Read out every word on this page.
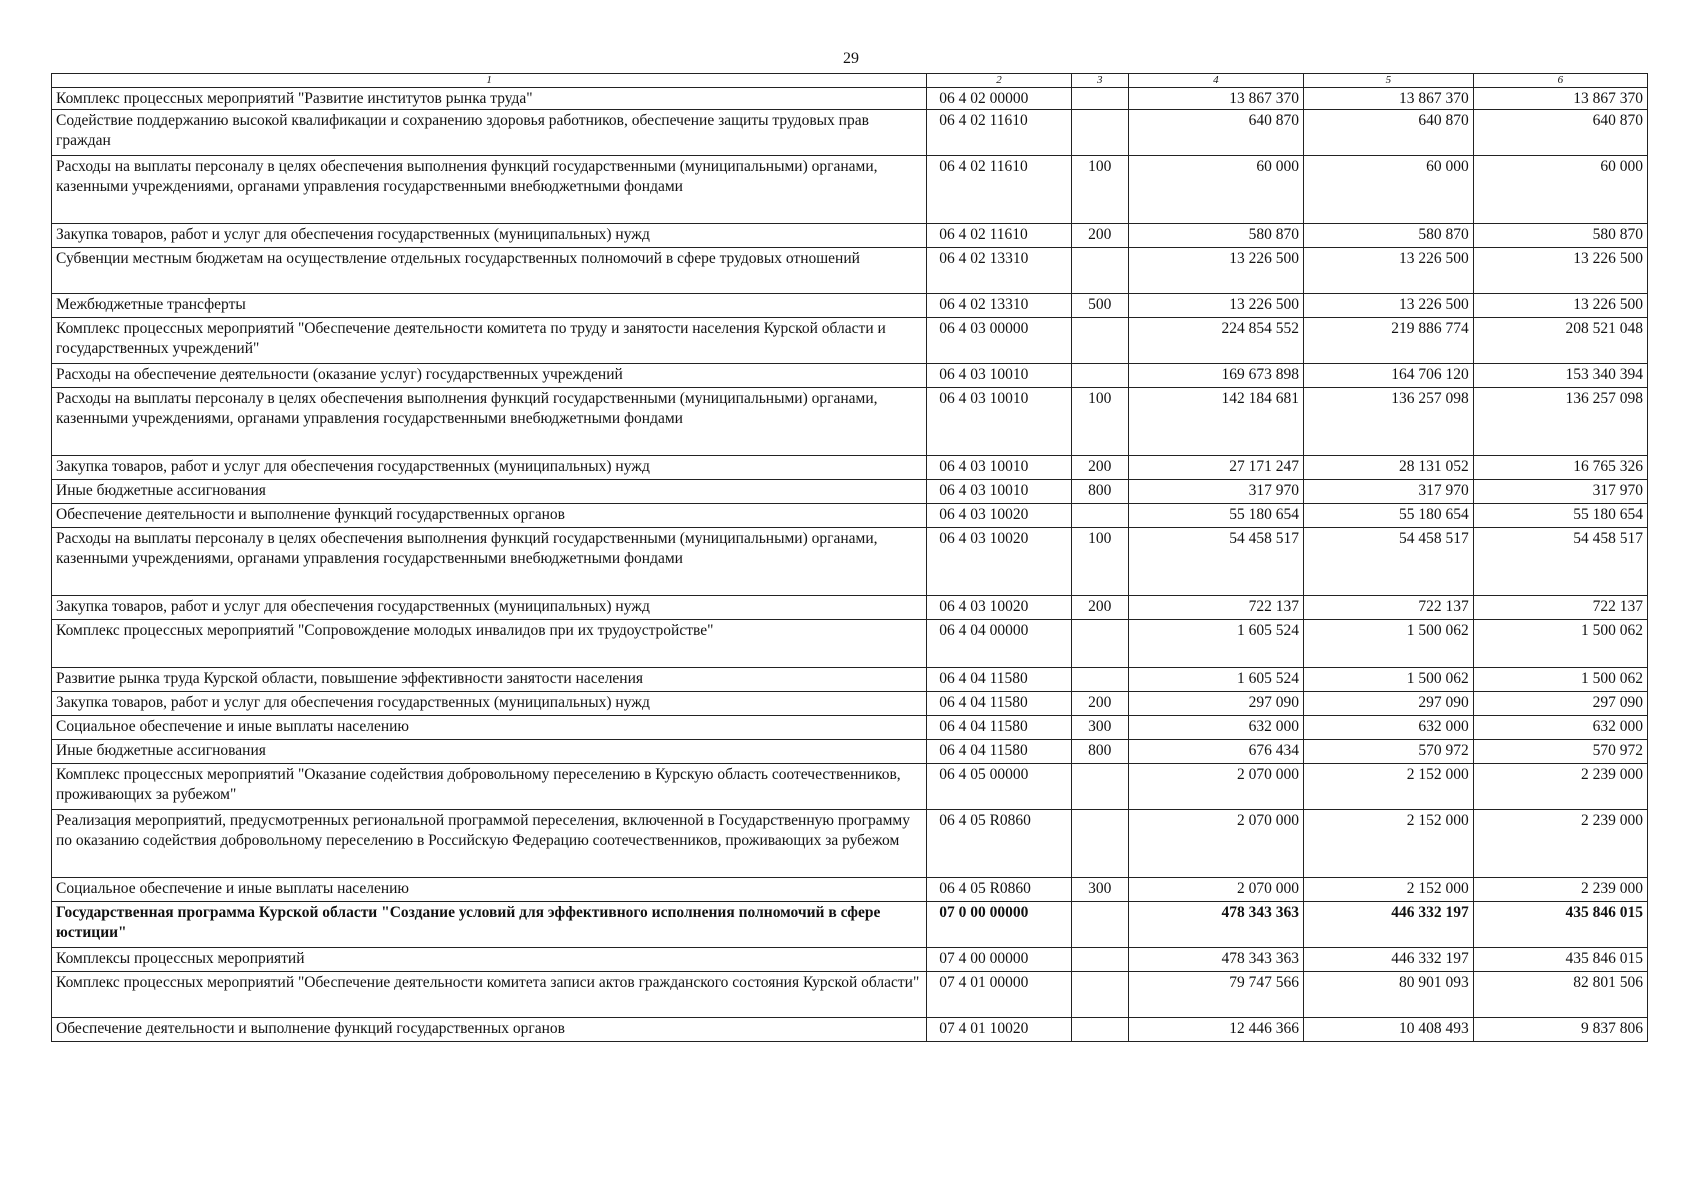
29
1	2	3	4	5	6
Комплекс процессных мероприятий "Развитие институтов рынка труда"	06 4 02 00000		13 867 370	13 867 370	13 867 370
Содействие поддержанию высокой квалификации и сохранению здоровья работников, обеспечение защиты трудовых прав граждан	06 4 02 11610		640 870	640 870	640 870
Расходы на выплаты персоналу в целях обеспечения выполнения функций государственными (муниципальными) органами, казенными учреждениями, органами управления государственными внебюджетными фондами	06 4 02 11610	100	60 000	60 000	60 000
Закупка товаров, работ и услуг для обеспечения государственных (муниципальных) нужд	06 4 02 11610	200	580 870	580 870	580 870
Субвенции местным бюджетам на осуществление отдельных государственных полномочий в сфере трудовых отношений	06 4 02 13310		13 226 500	13 226 500	13 226 500
Межбюджетные трансферты	06 4 02 13310	500	13 226 500	13 226 500	13 226 500
Комплекс процессных мероприятий "Обеспечение деятельности комитета по труду и занятости населения Курской области и государственных учреждений"	06 4 03 00000		224 854 552	219 886 774	208 521 048
Расходы на обеспечение деятельности (оказание услуг) государственных учреждений	06 4 03 10010		169 673 898	164 706 120	153 340 394
Расходы на выплаты персоналу в целях обеспечения выполнения функций государственными (муниципальными) органами, казенными учреждениями, органами управления государственными внебюджетными фондами	06 4 03 10010	100	142 184 681	136 257 098	136 257 098
Закупка товаров, работ и услуг для обеспечения государственных (муниципальных) нужд	06 4 03 10010	200	27 171 247	28 131 052	16 765 326
Иные бюджетные ассигнования	06 4 03 10010	800	317 970	317 970	317 970
Обеспечение деятельности и выполнение функций государственных органов	06 4 03 10020		55 180 654	55 180 654	55 180 654
Расходы на выплаты персоналу в целях обеспечения выполнения функций государственными (муниципальными) органами, казенными учреждениями, органами управления государственными внебюджетными фондами	06 4 03 10020	100	54 458 517	54 458 517	54 458 517
Закупка товаров, работ и услуг для обеспечения государственных (муниципальных) нужд	06 4 03 10020	200	722 137	722 137	722 137
Комплекс процессных мероприятий "Сопровождение молодых инвалидов при их трудоустройстве"	06 4 04 00000		1 605 524	1 500 062	1 500 062
Развитие рынка труда Курской области, повышение эффективности занятости населения	06 4 04 11580		1 605 524	1 500 062	1 500 062
Закупка товаров, работ и услуг для обеспечения государственных (муниципальных) нужд	06 4 04 11580	200	297 090	297 090	297 090
Социальное обеспечение и иные выплаты населению	06 4 04 11580	300	632 000	632 000	632 000
Иные бюджетные ассигнования	06 4 04 11580	800	676 434	570 972	570 972
Комплекс процессных мероприятий "Оказание содействия добровольному переселению в Курскую область соотечественников, проживающих за рубежом"	06 4 05 00000		2 070 000	2 152 000	2 239 000
Реализация мероприятий, предусмотренных региональной программой переселения, включенной в Государственную программу по оказанию содействия добровольному переселению в Российскую Федерацию соотечественников, проживающих за рубежом	06 4 05 R0860		2 070 000	2 152 000	2 239 000
Социальное обеспечение и иные выплаты населению	06 4 05 R0860	300	2 070 000	2 152 000	2 239 000
Государственная программа Курской области "Создание условий для эффективного исполнения полномочий в сфере юстиции"	07 0 00 00000		478 343 363	446 332 197	435 846 015
Комплексы процессных мероприятий	07 4 00 00000		478 343 363	446 332 197	435 846 015
Комплекс процессных мероприятий "Обеспечение деятельности комитета записи актов гражданского состояния Курской области"	07 4 01 00000		79 747 566	80 901 093	82 801 506
Обеспечение деятельности и выполнение функций государственных органов	07 4 01 10020		12 446 366	10 408 493	9 837 806
